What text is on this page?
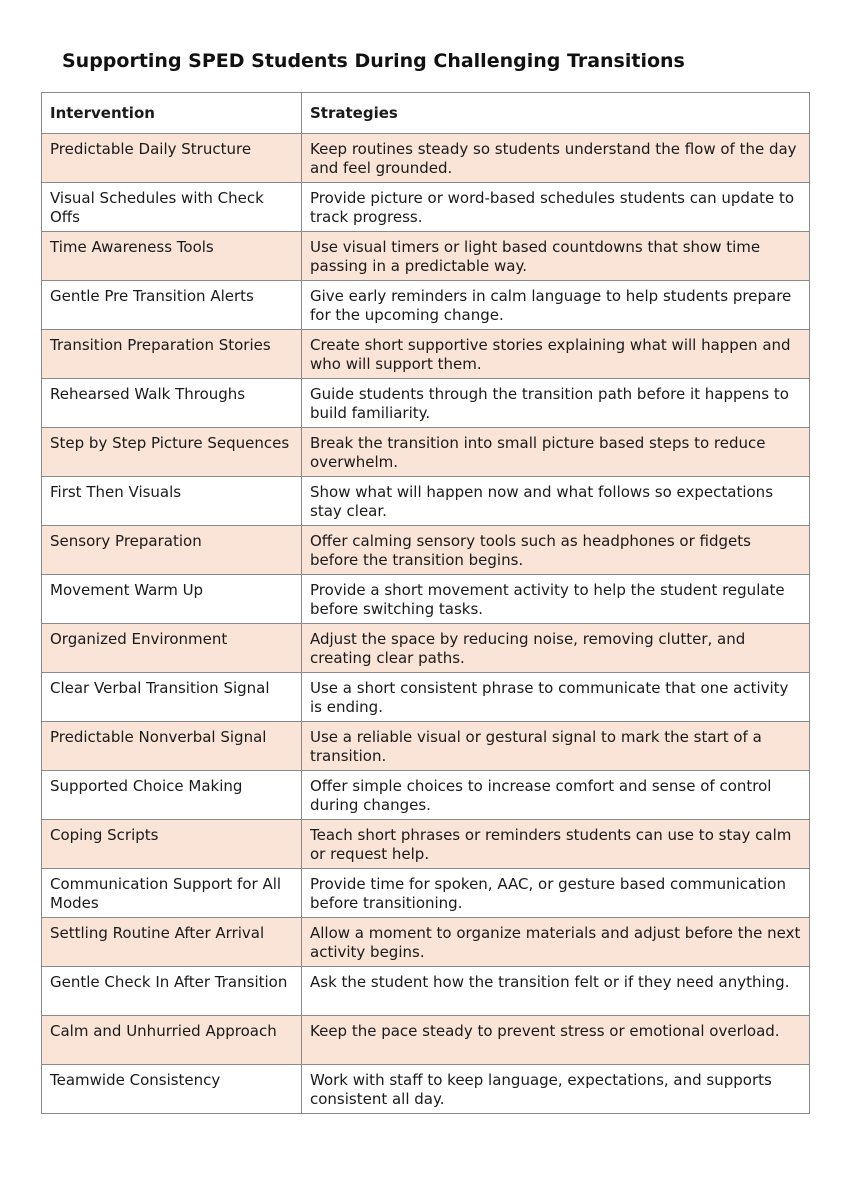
Supporting SPED Students During Challenging Transitions
Intervention	Strategies
Predictable Daily Structure	Keep routines steady so students understand the flow of the day and feel grounded.
Visual Schedules with Check Offs	Provide picture or word-based schedules students can update to track progress.
Time Awareness Tools	Use visual timers or light based countdowns that show time passing in a predictable way.
Gentle Pre Transition Alerts	Give early reminders in calm language to help students prepare for the upcoming change.
Transition Preparation Stories	Create short supportive stories explaining what will happen and who will support them.
Rehearsed Walk Throughs	Guide students through the transition path before it happens to build familiarity.
Step by Step Picture Sequences	Break the transition into small picture based steps to reduce overwhelm.
First Then Visuals	Show what will happen now and what follows so expectations stay clear.
Sensory Preparation	Offer calming sensory tools such as headphones or fidgets before the transition begins.
Movement Warm Up	Provide a short movement activity to help the student regulate before switching tasks.
Organized Environment	Adjust the space by reducing noise, removing clutter, and creating clear paths.
Clear Verbal Transition Signal	Use a short consistent phrase to communicate that one activity is ending.
Predictable Nonverbal Signal	Use a reliable visual or gestural signal to mark the start of a transition.
Supported Choice Making	Offer simple choices to increase comfort and sense of control during changes.
Coping Scripts	Teach short phrases or reminders students can use to stay calm or request help.
Communication Support for All Modes	Provide time for spoken, AAC, or gesture based communication before transitioning.
Settling Routine After Arrival	Allow a moment to organize materials and adjust before the next activity begins.
Gentle Check In After Transition	Ask the student how the transition felt or if they need anything.
Calm and Unhurried Approach	Keep the pace steady to prevent stress or emotional overload.
Teamwide Consistency	Work with staff to keep language, expectations, and supports consistent all day.
